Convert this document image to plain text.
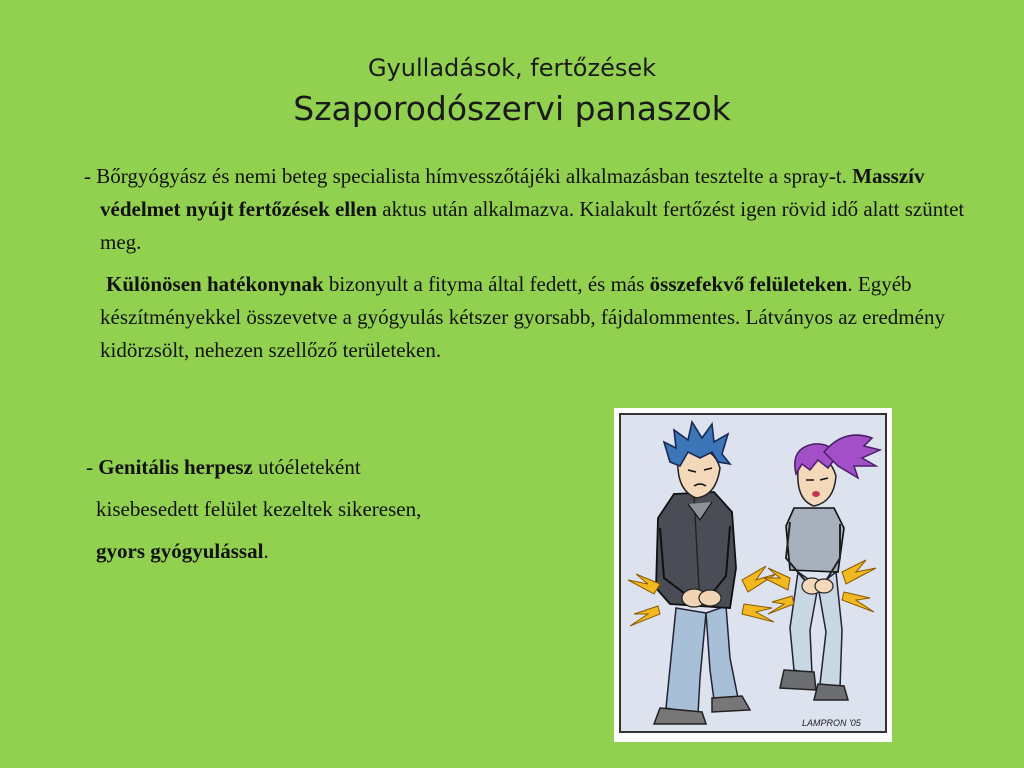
Gyulladások, fertőzések
Szaporodószervi panaszok

- Bőrgyógyász és nemi beteg specialista hímvesszőtájéki alkalmazásban tesztelte a spray-t. Masszív védelmet nyújt fertőzések ellen aktus után alkalmazva. Kialakult fertőzést igen rövid idő alatt szüntet meg.

Különösen hatékonynak bizonyult a fityma által fedett, és más összefekvő felületeken. Egyéb készítményekkel összevetve a gyógyulás kétszer gyorsabb, fájdalommentes. Látványos az eredmény kidörzsölt, nehezen szellőző területeken.

- Genitális herpesz utóéleteként
kisebesedett felület kezeltek sikeresen,
gyors gyógyulással.
LAMPRON '05
